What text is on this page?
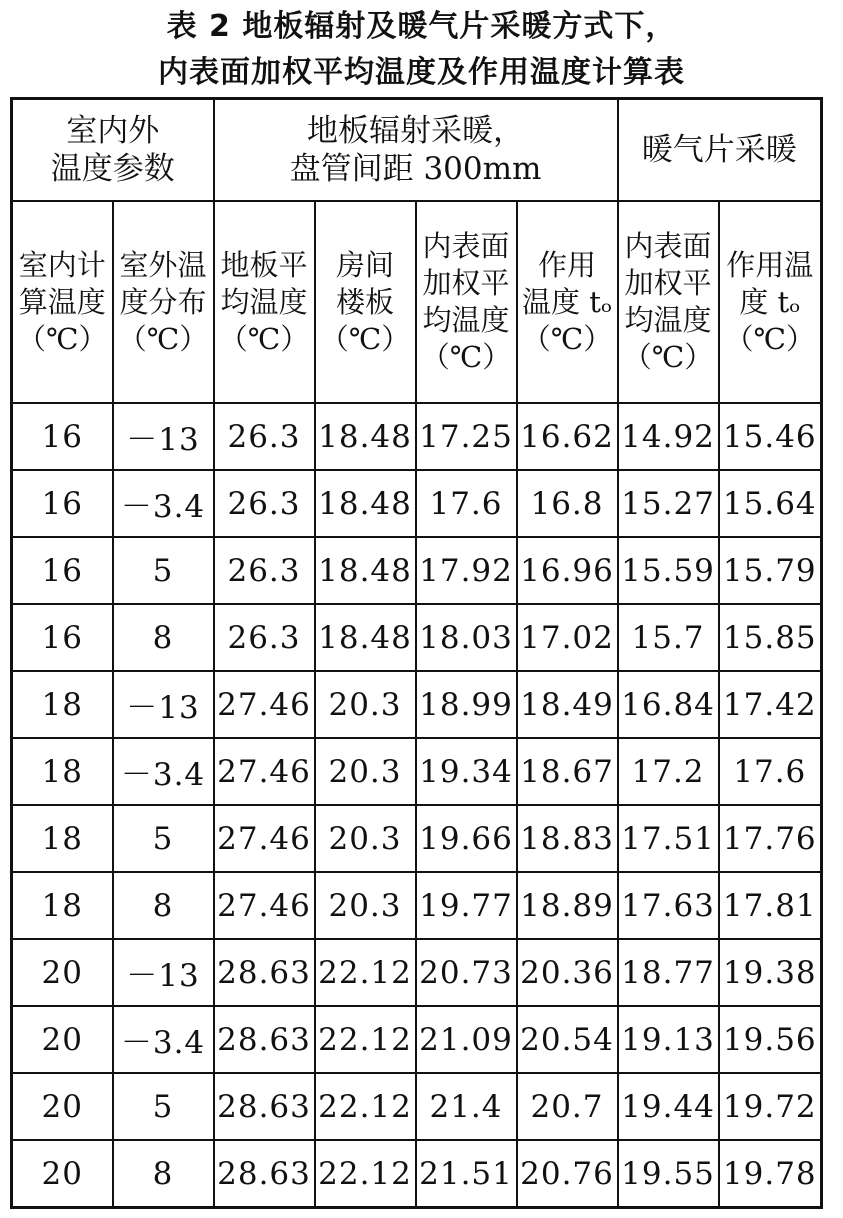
表 2 地板辐射及暖气片采暖方式下，
内表面加权平均温度及作用温度计算表
室内外
温度参数		地板辐射采暖，
盘管间距 300mm				暖气片采暖	

室内计
算温度
（℃）	室外温
度分布
（℃）	地板平
均温度
（℃）	房间
楼板
（℃）	内表面
加权平
均温度
（℃）	作用
温度 tₒ
（℃）	内表面
加权平
均温度
（℃）	作用温
度 tₒ
（℃）

16	－13	26.3	18.48	17.25	16.62	14.92	15.46
16	－3.4	26.3	18.48	17.6	16.8	15.27	15.64
16	5	26.3	18.48	17.92	16.96	15.59	15.79
16	8	26.3	18.48	18.03	17.02	15.7	15.85
18	－13	27.46	20.3	18.99	18.49	16.84	17.42
18	－3.4	27.46	20.3	19.34	18.67	17.2	17.6
18	5	27.46	20.3	19.66	18.83	17.51	17.76
18	8	27.46	20.3	19.77	18.89	17.63	17.81
20	－13	28.63	22.12	20.73	20.36	18.77	19.38
20	－3.4	28.63	22.12	21.09	20.54	19.13	19.56
20	5	28.63	22.12	21.4	20.7	19.44	19.72
20	8	28.63	22.12	21.51	20.76	19.55	19.78
